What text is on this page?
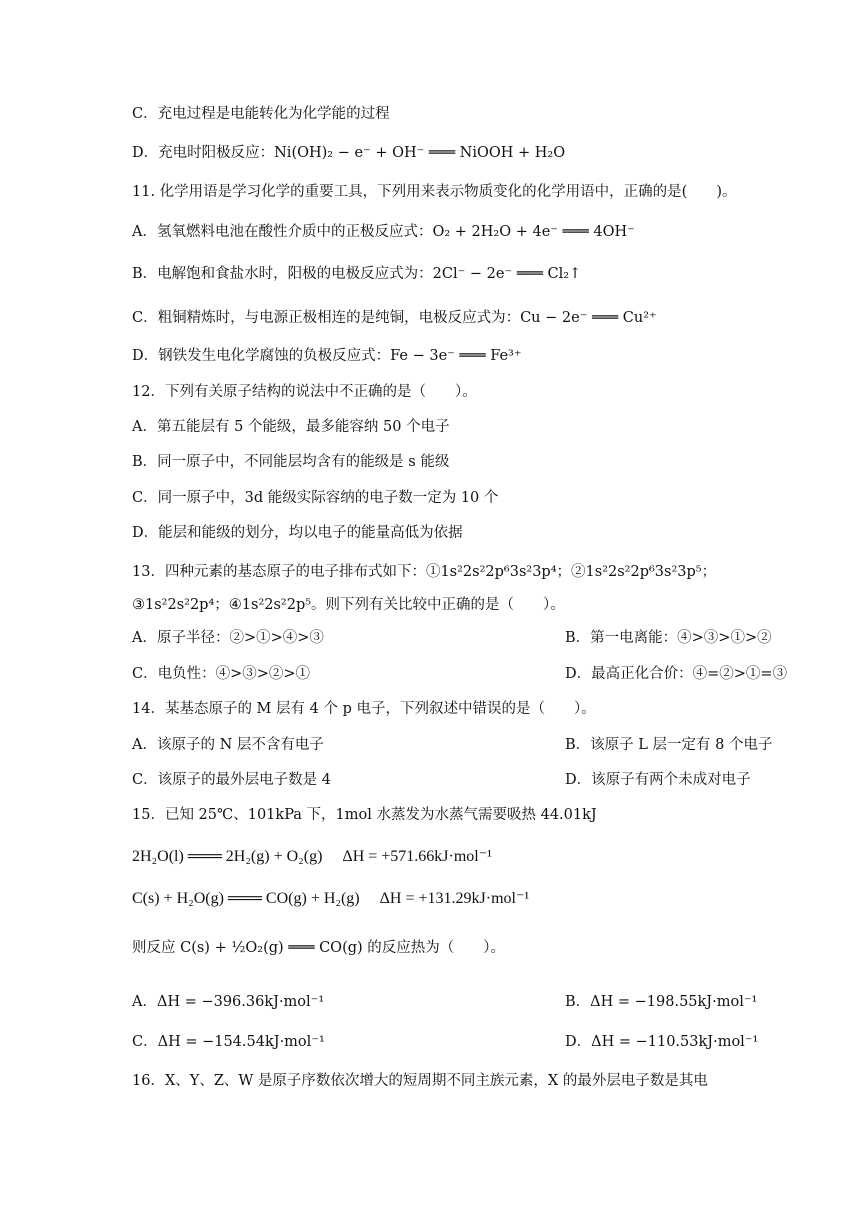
C．充电过程是电能转化为化学能的过程
D．充电时阳极反应：Ni(OH)₂ − e⁻ + OH⁻ ═══ NiOOH + H₂O
11. 化学用语是学习化学的重要工具，下列用来表示物质变化的化学用语中，正确的是(　　)。
A．氢氧燃料电池在酸性介质中的正极反应式：O₂ + 2H₂O + 4e⁻ ═══ 4OH⁻
B．电解饱和食盐水时，阳极的电极反应式为：2Cl⁻ − 2e⁻ ═══ Cl₂↑
C．粗铜精炼时，与电源正极相连的是纯铜，电极反应式为：Cu − 2e⁻ ═══ Cu²⁺
D．钢铁发生电化学腐蚀的负极反应式：Fe − 3e⁻ ═══ Fe³⁺
12．下列有关原子结构的说法中不正确的是（　　）。
A．第五能层有 5 个能级，最多能容纳 50 个电子
B．同一原子中，不同能层均含有的能级是 s 能级
C．同一原子中，3d 能级实际容纳的电子数一定为 10 个
D．能层和能级的划分，均以电子的能量高低为依据
13．四种元素的基态原子的电子排布式如下：①1s²2s²2p⁶3s²3p⁴；②1s²2s²2p⁶3s²3p⁵；
③1s²2s²2p⁴；④1s²2s²2p⁵。则下列有关比较中正确的是（　　）。
A．原子半径：②>①>④>③	B．第一电离能：④>③>①>②
C．电负性：④>③>②>①	D．最高正化合价：④=②>①=③
14．某基态原子的 M 层有 4 个 p 电子，下列叙述中错误的是（　　）。
A．该原子的 N 层不含有电子	B．该原子 L 层一定有 8 个电子
C．该原子的最外层电子数是 4	D．该原子有两个未成对电子
15．已知 25℃、101kPa 下，1mol 水蒸发为水蒸气需要吸热 44.01kJ
2H₂O(l) ═══ 2H₂(g) + O₂(g)　 ΔH = +571.66kJ·mol⁻¹
C(s) + H₂O(g) ═══ CO(g) + H₂(g)　 ΔH = +131.29kJ·mol⁻¹
则反应 C(s) + ½O₂(g) ═══ CO(g) 的反应热为（　　）。
A．ΔH = −396.36kJ·mol⁻¹	B．ΔH = −198.55kJ·mol⁻¹
C．ΔH = −154.54kJ·mol⁻¹	D．ΔH = −110.53kJ·mol⁻¹
16．X、Y、Z、W 是原子序数依次增大的短周期不同主族元素，X 的最外层电子数是其电
